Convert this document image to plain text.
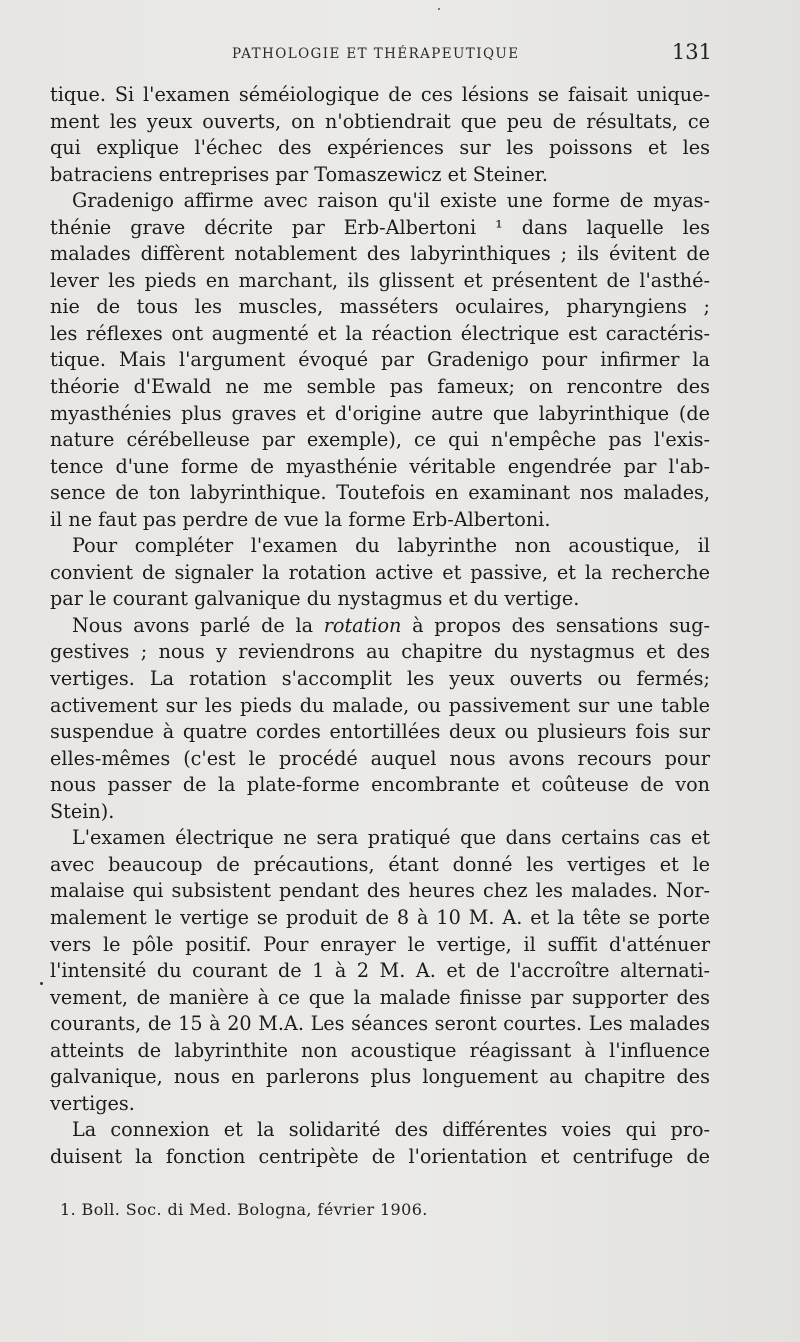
PATHOLOGIE ET THÉRAPEUTIQUE	131
tique. Si l'examen séméiologique de ces lésions se faisait unique-
ment les yeux ouverts, on n'obtiendrait que peu de résultats, ce
qui explique l'échec des expériences sur les poissons et les
batraciens entreprises par Tomaszewicz et Steiner.
Gradenigo affirme avec raison qu'il existe une forme de myas-
thénie grave décrite par Erb-Albertoni ¹ dans laquelle les
malades diffèrent notablement des labyrinthiques ; ils évitent de
lever les pieds en marchant, ils glissent et présentent de l'asthé-
nie de tous les muscles, masséters oculaires, pharyngiens ;
les réflexes ont augmenté et la réaction électrique est caractéris-
tique. Mais l'argument évoqué par Gradenigo pour infirmer la
théorie d'Ewald ne me semble pas fameux; on rencontre des
myasthénies plus graves et d'origine autre que labyrinthique (de
nature cérébelleuse par exemple), ce qui n'empêche pas l'exis-
tence d'une forme de myasthénie véritable engendrée par l'ab-
sence de ton labyrinthique. Toutefois en examinant nos malades,
il ne faut pas perdre de vue la forme Erb-Albertoni.
Pour compléter l'examen du labyrinthe non acoustique, il
convient de signaler la rotation active et passive, et la recherche
par le courant galvanique du nystagmus et du vertige.
Nous avons parlé de la rotation à propos des sensations sug-
gestives ; nous y reviendrons au chapitre du nystagmus et des
vertiges. La rotation s'accomplit les yeux ouverts ou fermés;
activement sur les pieds du malade, ou passivement sur une table
suspendue à quatre cordes entortillées deux ou plusieurs fois sur
elles-mêmes (c'est le procédé auquel nous avons recours pour
nous passer de la plate-forme encombrante et coûteuse de von
Stein).
L'examen électrique ne sera pratiqué que dans certains cas et
avec beaucoup de précautions, étant donné les vertiges et le
malaise qui subsistent pendant des heures chez les malades. Nor-
malement le vertige se produit de 8 à 10 M. A. et la tête se porte
vers le pôle positif. Pour enrayer le vertige, il suffit d'atténuer
l'intensité du courant de 1 à 2 M. A. et de l'accroître alternati-
vement, de manière à ce que la malade finisse par supporter des
courants, de 15 à 20 M.A. Les séances seront courtes. Les malades
atteints de labyrinthite non acoustique réagissant à l'influence
galvanique, nous en parlerons plus longuement au chapitre des
vertiges.
La connexion et la solidarité des différentes voies qui pro-
duisent la fonction centripète de l'orientation et centrifuge de
1. Boll. Soc. di Med. Bologna, février 1906.
